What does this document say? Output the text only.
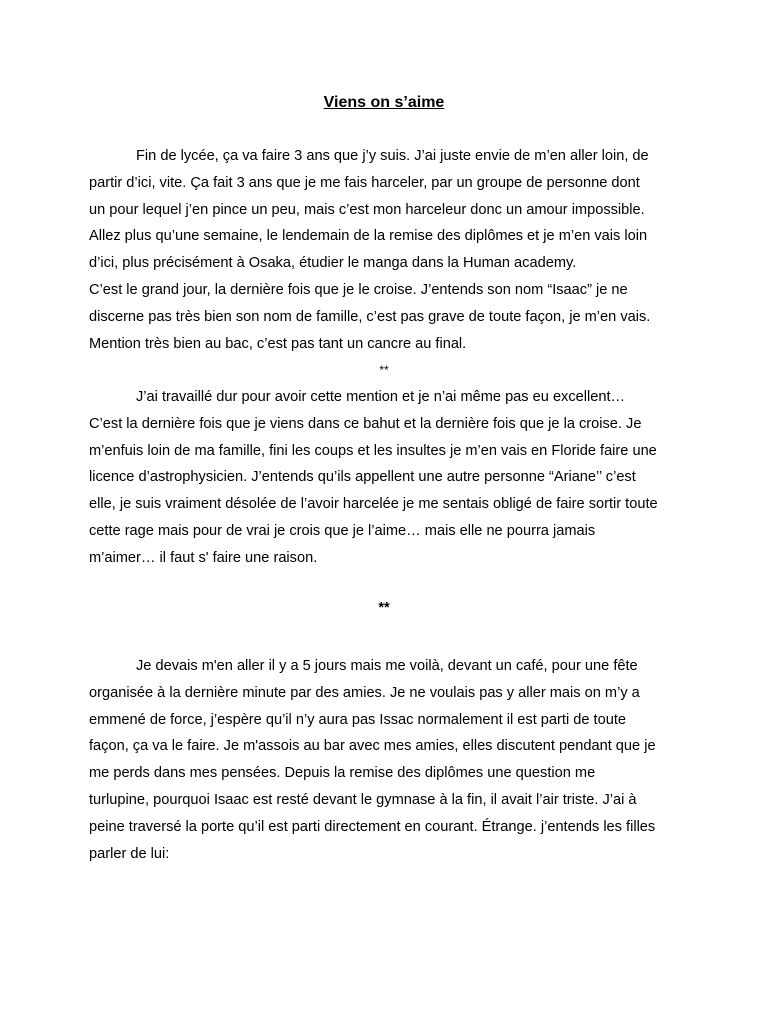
Viens on s’aime
Fin de lycée, ça va faire 3 ans que j’y suis. J’ai juste envie de m’en aller loin, de
partir d’ici, vite. Ça fait 3 ans que je me fais harceler, par un groupe de personne dont
un pour lequel j’en pince un peu, mais c’est mon harceleur donc un amour impossible.
Allez plus qu’une semaine, le lendemain de la remise des diplômes et je m’en vais loin
d’ici, plus précisément à Osaka, étudier le manga dans la Human academy.
C’est le grand jour, la dernière fois que je le croise. J’entends son nom “Isaac” je ne
discerne pas très bien son nom de famille, c’est pas grave de toute façon, je m’en vais.
Mention très bien au bac, c’est pas tant un cancre au final.
**
J’ai travaillé dur pour avoir cette mention et je n’ai même pas eu excellent…
C’est la dernière fois que je viens dans ce bahut et la dernière fois que je la croise. Je
m’enfuis loin de ma famille, fini les coups et les insultes je m’en vais en Floride faire une
licence d’astrophysicien. J’entends qu’ils appellent une autre personne “Ariane’’ c’est
elle, je suis vraiment désolée de l’avoir harcelée je me sentais obligé de faire sortir toute
cette rage mais pour de vrai je crois que je l’aime… mais elle ne pourra jamais
m’aimer… il faut s' faire une raison.
**
Je devais m'en aller il y a 5 jours mais me voilà, devant un café, pour une fête
organisée à la dernière minute par des amies. Je ne voulais pas y aller mais on m’y a
emmené de force, j’espère qu’il n’y aura pas Issac normalement il est parti de toute
façon, ça va le faire. Je m'assois au bar avec mes amies, elles discutent pendant que je
me perds dans mes pensées. Depuis la remise des diplômes une question me
turlupine, pourquoi Isaac est resté devant le gymnase à la fin, il avait l’air triste. J’ai à
peine traversé la porte qu’il est parti directement en courant. Étrange. j’entends les filles
parler de lui:
